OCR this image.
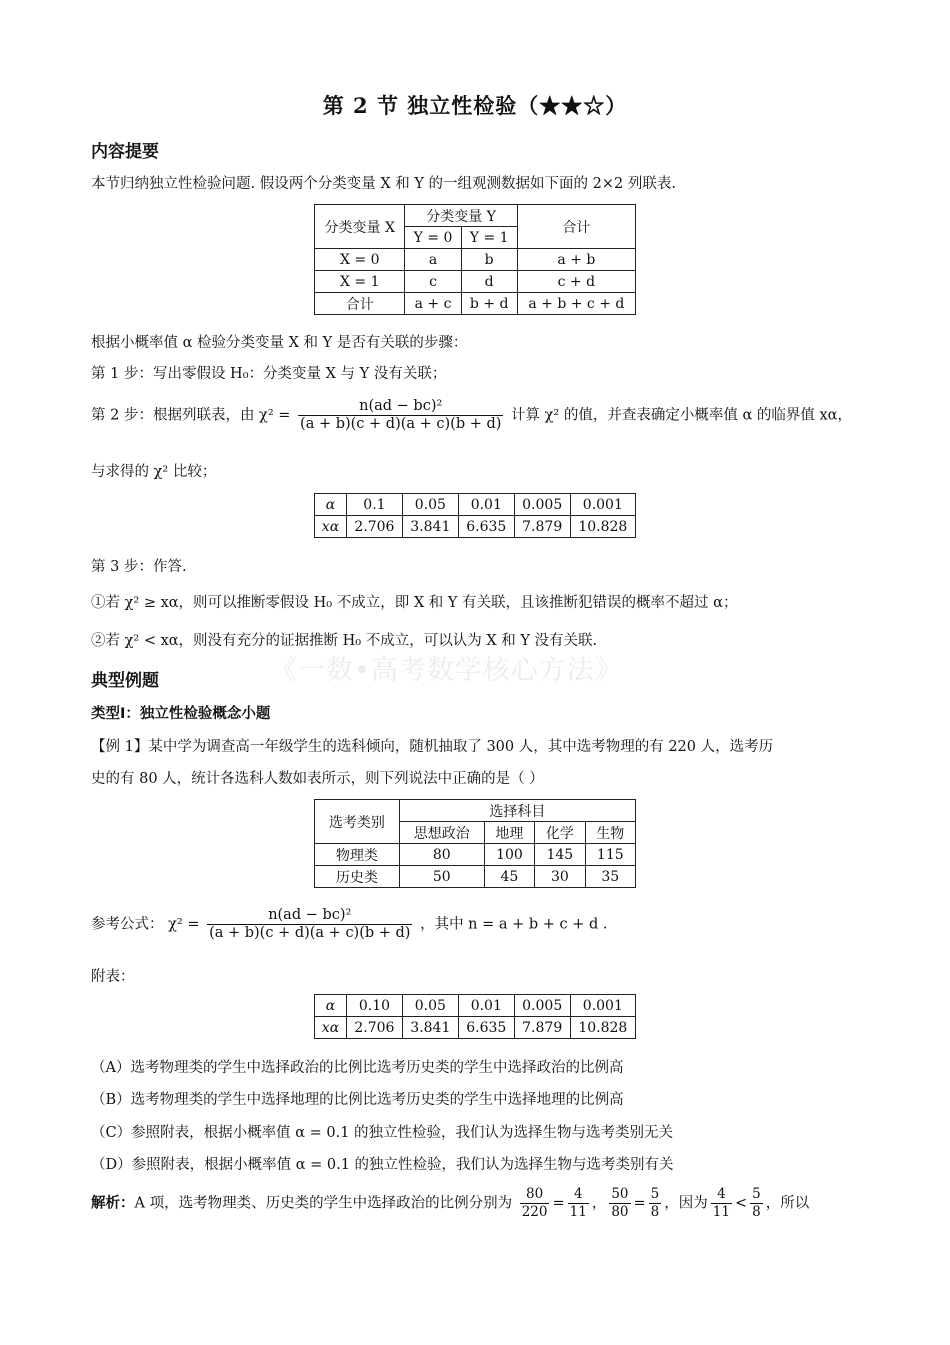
《一数•高考数学核心方法》
第 2 节 独立性检验（★★☆）
内容提要
本节归纳独立性检验问题. 假设两个分类变量 X 和 Y 的一组观测数据如下面的 2×2 列联表.
分类变量 X	分类变量 Y		合计
	Y = 0	Y = 1	
X = 0	a	b	a + b
X = 1	c	d	c + d
合计	a + c	b + d	a + b + c + d
根据小概率值 α 检验分类变量 X 和 Y 是否有关联的步骤：
第 1 步：写出零假设 H₀：分类变量 X 与 Y 没有关联；
第 2 步：根据列联表，由 $\chi^2 = \frac{\text{n(ad − bc)²}}{(a + b)(c + d)(a + c)(b + d)}$ 计算 χ² 的值，并查表确定小概率值 α 的临界值 xα，
与求得的 χ² 比较；
α	0.1	0.05	0.01	0.005	0.001
xα	2.706	3.841	6.635	7.879	10.828
第 3 步：作答.
①若 χ² ≥ xα，则可以推断零假设 H₀ 不成立，即 X 和 Y 有关联，且该推断犯错误的概率不超过 α；
②若 χ² < xα，则没有充分的证据推断 H₀ 不成立，可以认为 X 和 Y 没有关联.
典型例题
类型Ⅰ：独立性检验概念小题
【例 1】某中学为调查高一年级学生的选科倾向，随机抽取了 300 人，其中选考物理的有 220 人，选考历
史的有 80 人，统计各选科人数如表所示，则下列说法中正确的是（ ）
选考类别	选择科目			
	思想政治	地理	化学	生物
物理类	80	100	145	115
历史类	50	45	30	35
参考公式： $\chi^2 = \frac{\text{n(ad − bc)²}}{(a + b)(c + d)(a + c)(b + d)}$ ，其中 n = a + b + c + d .
附表：
α	0.10	0.05	0.01	0.005	0.001
xα	2.706	3.841	6.635	7.879	10.828
（A）选考物理类的学生中选择政治的比例比选考历史类的学生中选择政治的比例高
（B）选考物理类的学生中选择地理的比例比选考历史类的学生中选择地理的比例高
（C）参照附表，根据小概率值 α = 0.1 的独立性检验，我们认为选择生物与选考类别无关
（D）参照附表，根据小概率值 α = 0.1 的独立性检验，我们认为选择生物与选考类别有关
解析：A 项，选考物理类、历史类的学生中选择政治的比例分别为 $\frac{80}{220} = \frac{4}{11}$ ， $\frac{50}{80} = \frac{5}{8}$ ，因为 $\frac{4}{11} < \frac{5}{8}$ ，所以
